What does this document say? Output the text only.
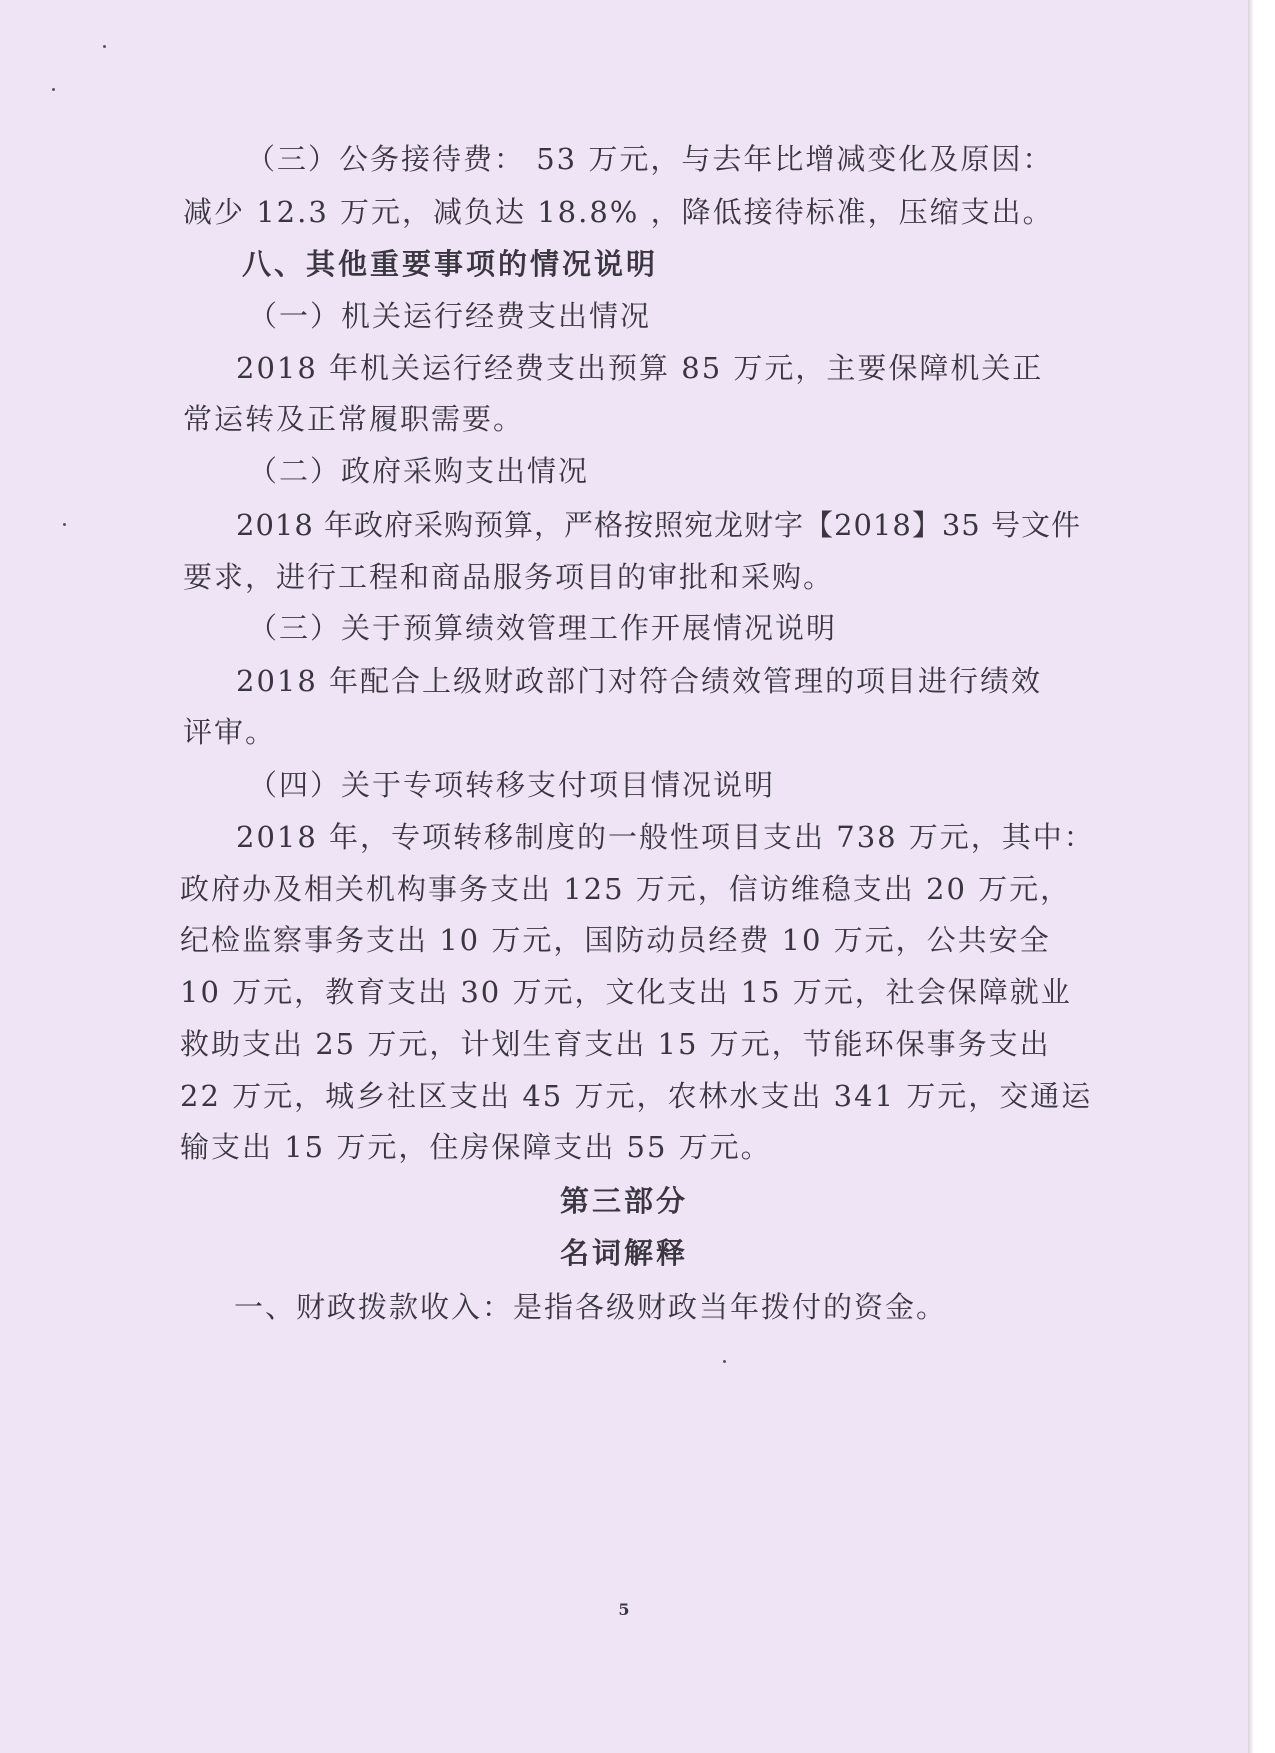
（三）公务接待费： 53 万元，与去年比增减变化及原因：
减少 12.3 万元，减负达 18.8% ，降低接待标准，压缩支出。
八、其他重要事项的情况说明
（一）机关运行经费支出情况
2018 年机关运行经费支出预算 85 万元，主要保障机关正
常运转及正常履职需要。
（二）政府采购支出情况
2018 年政府采购预算，严格按照宛龙财字【2018】35 号文件
要求，进行工程和商品服务项目的审批和采购。
（三）关于预算绩效管理工作开展情况说明
2018 年配合上级财政部门对符合绩效管理的项目进行绩效
评审。
（四）关于专项转移支付项目情况说明
2018 年，专项转移制度的一般性项目支出 738 万元，其中：
政府办及相关机构事务支出 125 万元，信访维稳支出 20 万元，
纪检监察事务支出 10 万元，国防动员经费 10 万元，公共安全
10 万元，教育支出 30 万元，文化支出 15 万元，社会保障就业
救助支出 25 万元，计划生育支出 15 万元，节能环保事务支出
22 万元，城乡社区支出 45 万元，农林水支出 341 万元，交通运
输支出 15 万元，住房保障支出 55 万元。
第三部分
名词解释
一、财政拨款收入：是指各级财政当年拨付的资金。
5
